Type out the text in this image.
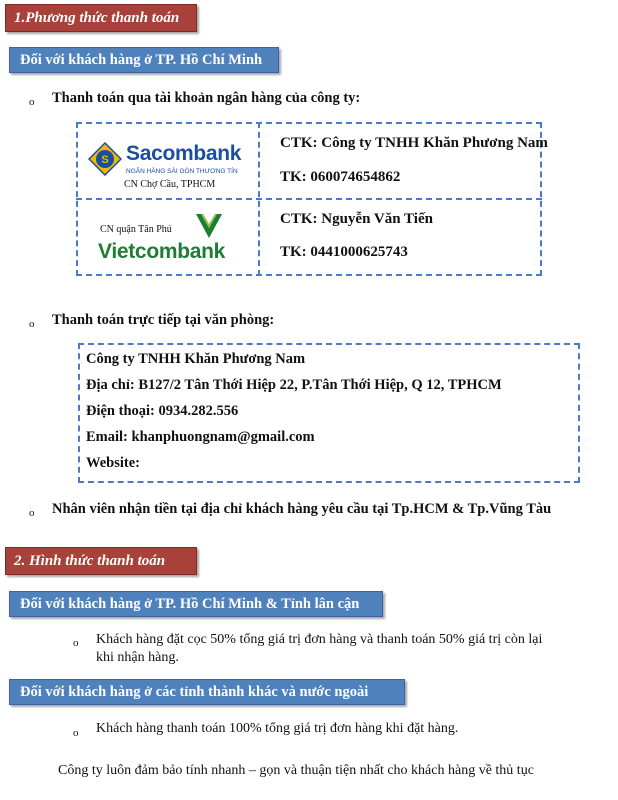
1.Phương thức thanh toán
Đối với khách hàng ở TP. Hồ Chí Minh
o Thanh toán qua tài khoản ngân hàng của công ty:
S Sacombank
NGÂN HÀNG SÀI GÒN THƯƠNG TÍN
CN Chợ Cầu, TPHCM
CTK: Công ty TNHH Khăn Phương Nam
TK: 060074654862
CN quận Tân Phú
Vietcombank
CTK: Nguyễn Văn Tiến
TK: 0441000625743
o Thanh toán trực tiếp tại văn phòng:
Công ty TNHH Khăn Phương Nam
Địa chỉ: B127/2 Tân Thới Hiệp 22, P.Tân Thới Hiệp, Q 12, TPHCM
Điện thoại: 0934.282.556
Email: khanphuongnam@gmail.com
Website:
o Nhân viên nhận tiền tại địa chỉ khách hàng yêu cầu tại Tp.HCM & Tp.Vũng Tàu
2. Hình thức thanh toán
Đối với khách hàng ở TP. Hồ Chí Minh & Tỉnh lân cận
o Khách hàng đặt cọc 50% tổng giá trị đơn hàng và thanh toán 50% giá trị còn lại
khi nhận hàng.
Đối với khách hàng ở các tỉnh thành khác và nước ngoài
o Khách hàng thanh toán 100% tổng giá trị đơn hàng khi đặt hàng.
Công ty luôn đảm bảo tính nhanh – gọn và thuận tiện nhất cho khách hàng về thủ tục
